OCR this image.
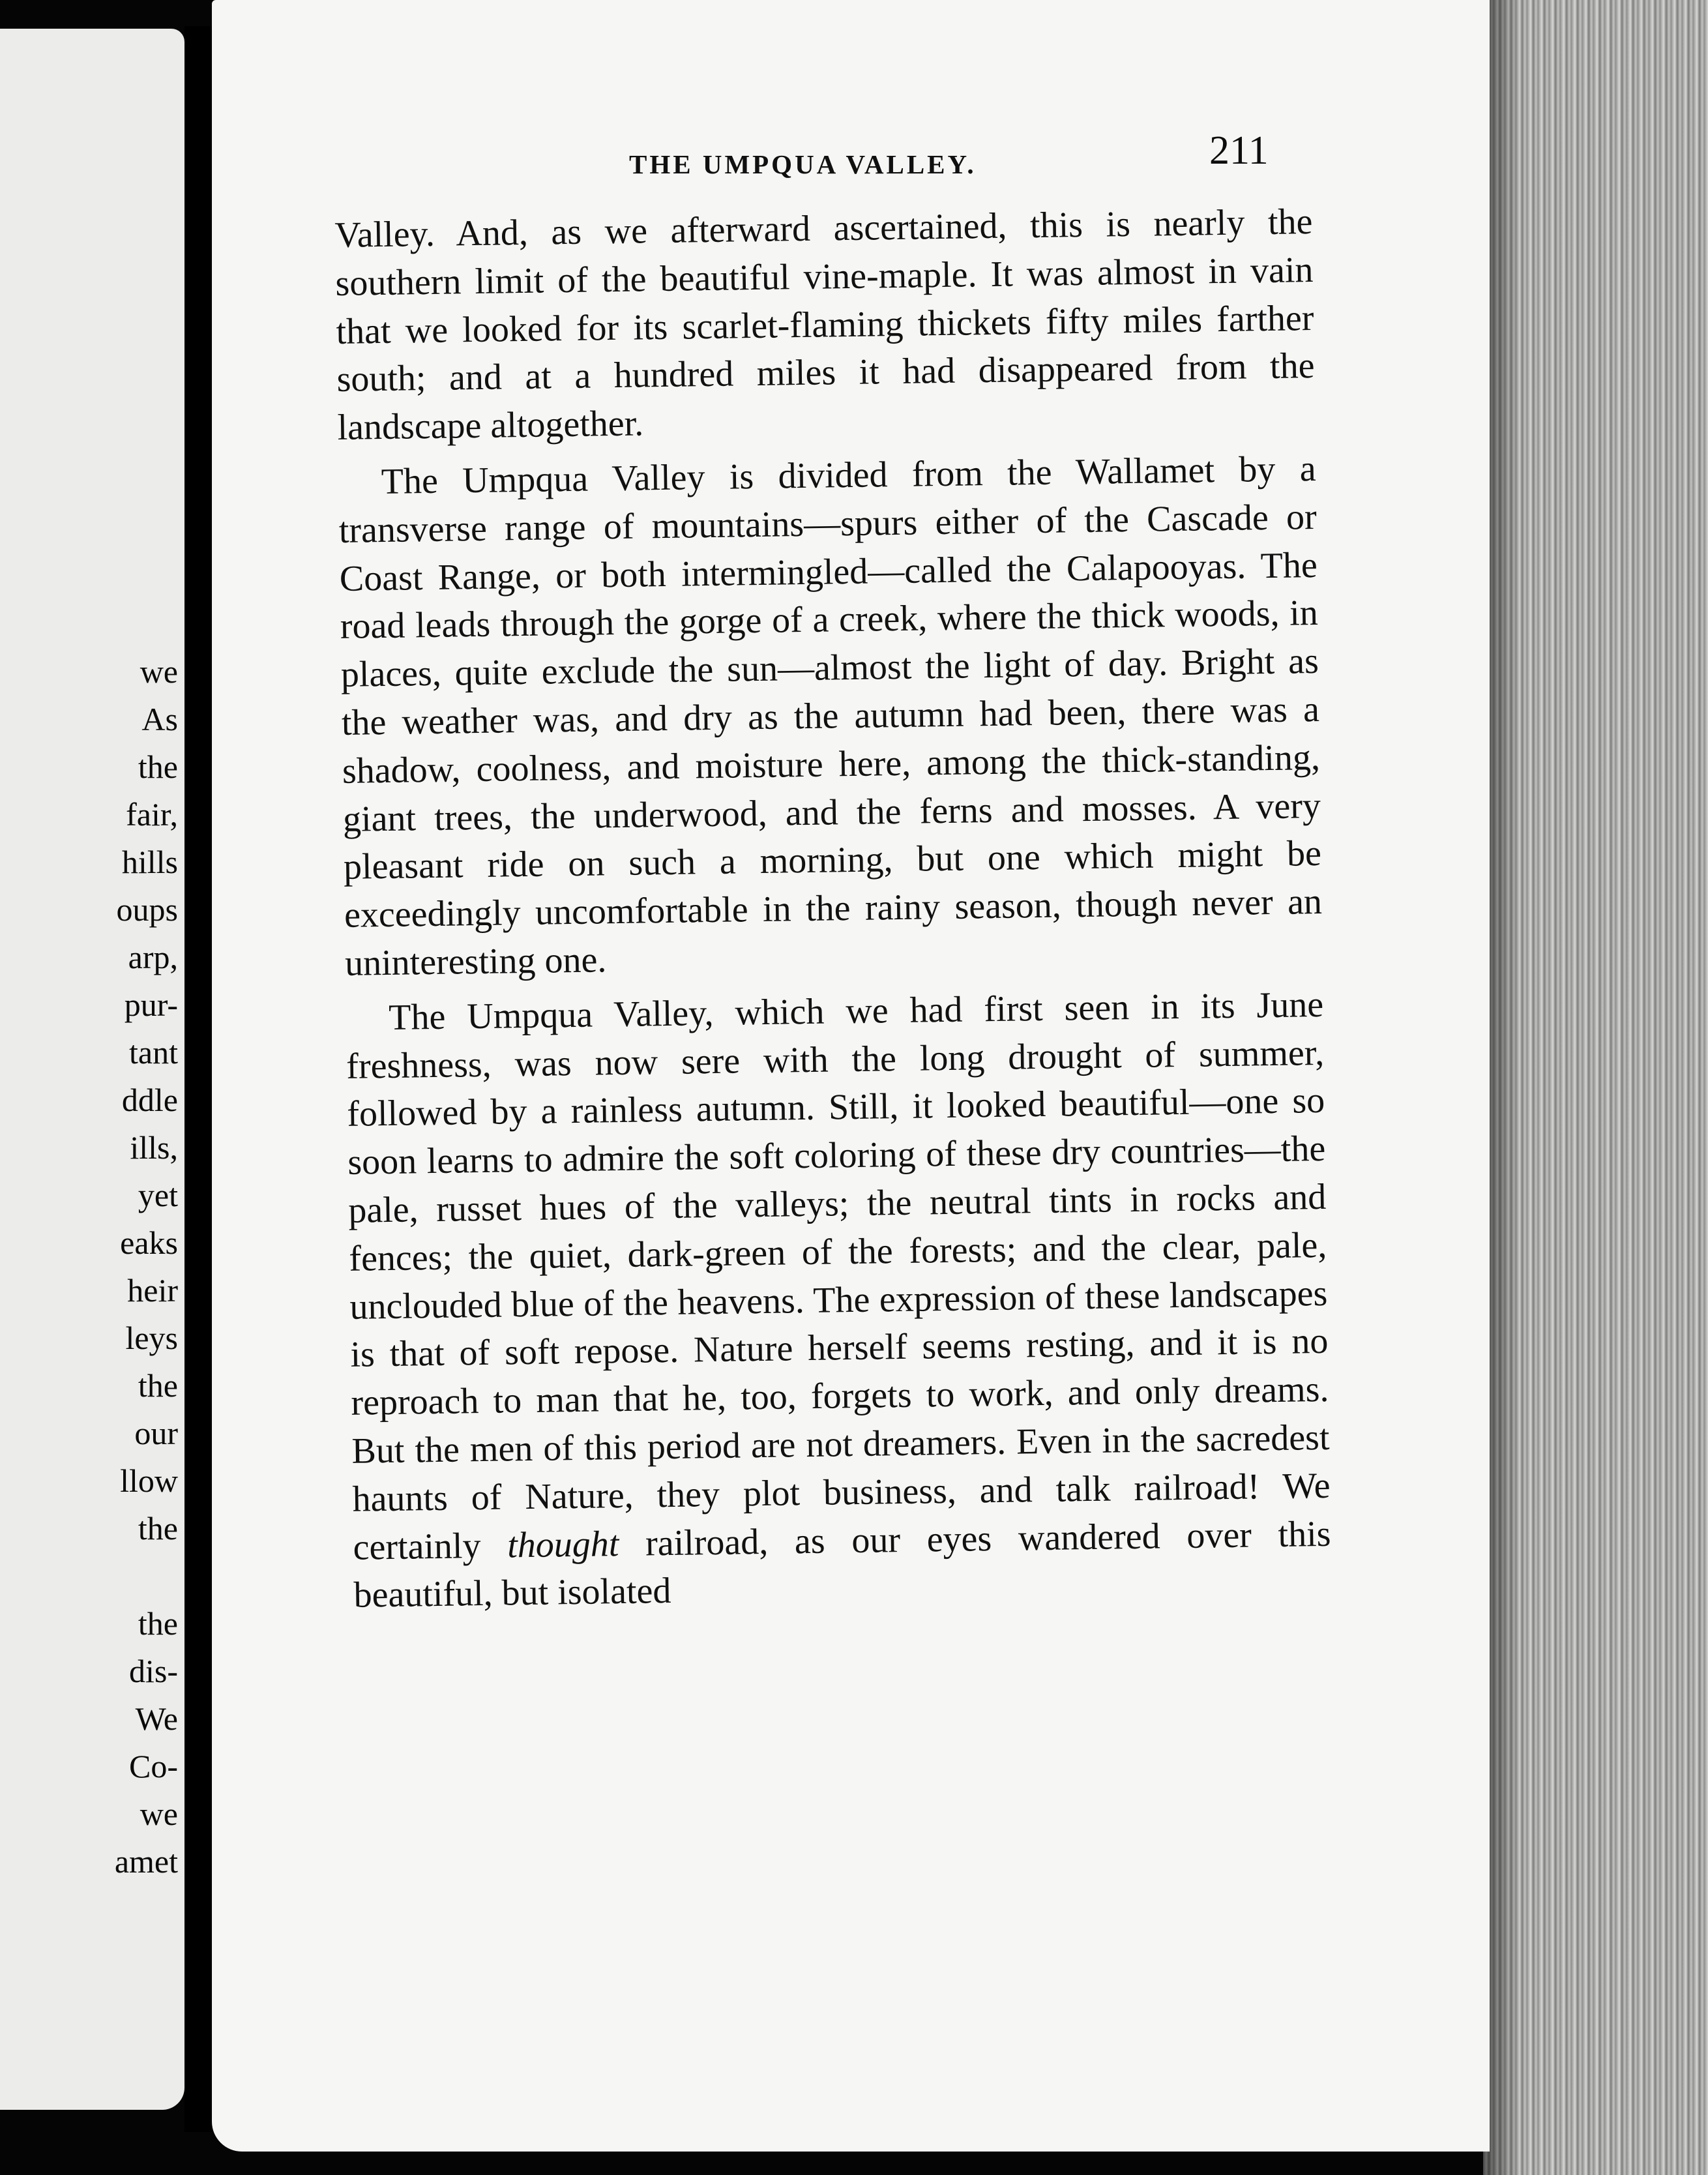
we
As
the
fair,
hills
oups
arp,
pur-
tant
ddle
ills,
yet
eaks
heir
leys
the
our
llow
the
the
dis-
We
Co-
we
amet
THE UMPQUA VALLEY.	211

Valley. And, as we afterward ascertained, this is nearly the southern limit of the beautiful vine-maple. It was almost in vain that we looked for its scarlet-flaming thickets fifty miles farther south; and at a hundred miles it had disappeared from the landscape altogether.

The Umpqua Valley is divided from the Wallamet by a transverse range of mountains—spurs either of the Cascade or Coast Range, or both intermingled—called the Calapooyas. The road leads through the gorge of a creek, where the thick woods, in places, quite exclude the sun—almost the light of day. Bright as the weather was, and dry as the autumn had been, there was a shadow, coolness, and moisture here, among the thick-standing, giant trees, the underwood, and the ferns and mosses. A very pleasant ride on such a morning, but one which might be exceedingly uncomfortable in the rainy season, though never an uninteresting one.

The Umpqua Valley, which we had first seen in its June freshness, was now sere with the long drought of summer, followed by a rainless autumn. Still, it looked beautiful—one so soon learns to admire the soft coloring of these dry countries—the pale, russet hues of the valleys; the neutral tints in rocks and fences; the quiet, dark-green of the forests; and the clear, pale, unclouded blue of the heavens. The expression of these landscapes is that of soft repose. Nature herself seems resting, and it is no reproach to man that he, too, forgets to work, and only dreams. But the men of this period are not dreamers. Even in the sacredest haunts of Nature, they plot business, and talk railroad! We certainly thought railroad, as our eyes wandered over this beautiful, but isolated
